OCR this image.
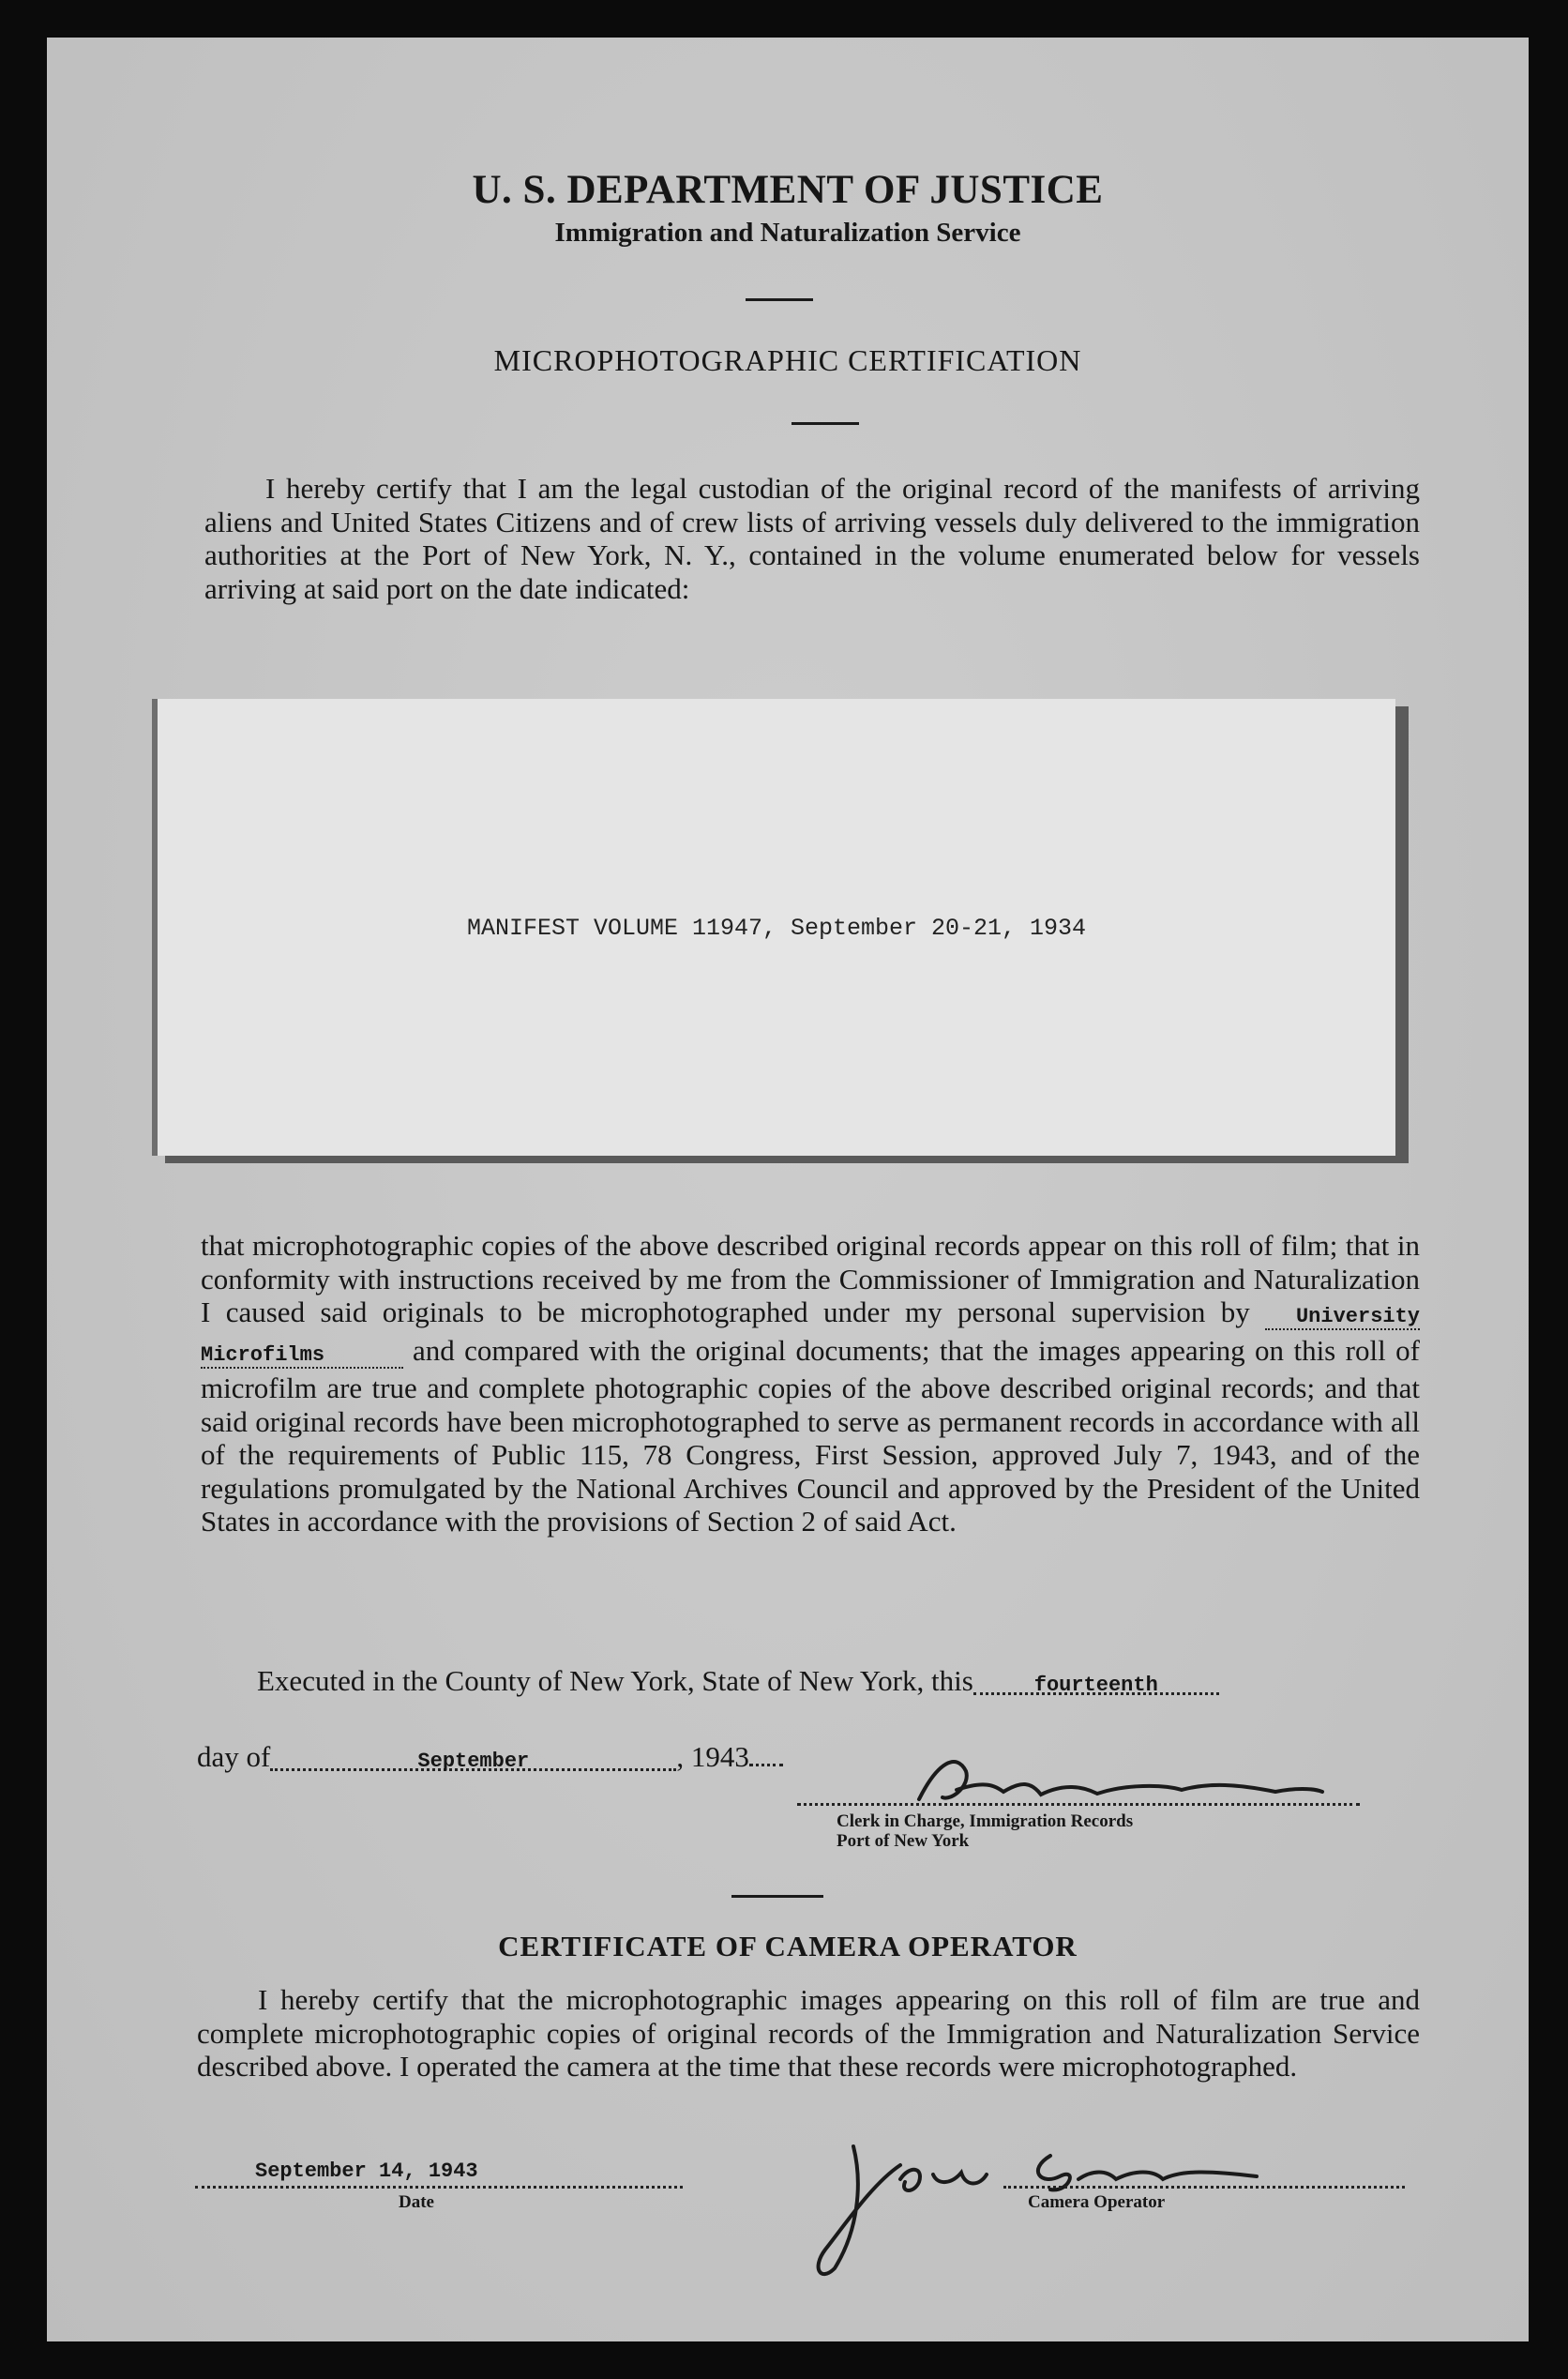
U. S. DEPARTMENT OF JUSTICE
Immigration and Naturalization Service
MICROPHOTOGRAPHIC CERTIFICATION
I hereby certify that I am the legal custodian of the original record of the manifests of arriving aliens and United States Citizens and of crew lists of arriving vessels duly delivered to the immigration authorities at the Port of New York, N. Y., contained in the volume enumerated below for vessels arriving at said port on the date indicated:
MANIFEST VOLUME 11947, September 20-21, 1934
that microphotographic copies of the above described original records appear on this roll of film; that in conformity with instructions received by me from the Commissioner of Immigration and Naturalization I caused said originals to be microphotographed under my personal supervision by University Microfilms	and compared with the original documents; that the images appearing on this roll of microfilm are true and complete photographic copies of the above described original records; and that said original records have been microphotographed to serve as permanent records in accordance with all of the requirements of Public 115, 78 Congress, First Session, approved July 7, 1943, and of the regulations promulgated by the National Archives Council and approved by the President of the United States in accordance with the provisions of Section 2 of said Act.
Executed in the County of New York, State of New York, this	fourteenth
day of	September	, 1943
Clerk in Charge, Immigration Records
Port of New York
CERTIFICATE OF CAMERA OPERATOR
I hereby certify that the microphotographic images appearing on this roll of film are true and complete microphotographic copies of original records of the Immigration and Naturalization Service described above. I operated the camera at the time that these records were microphotographed.
September 14, 1943
Date	Camera Operator
